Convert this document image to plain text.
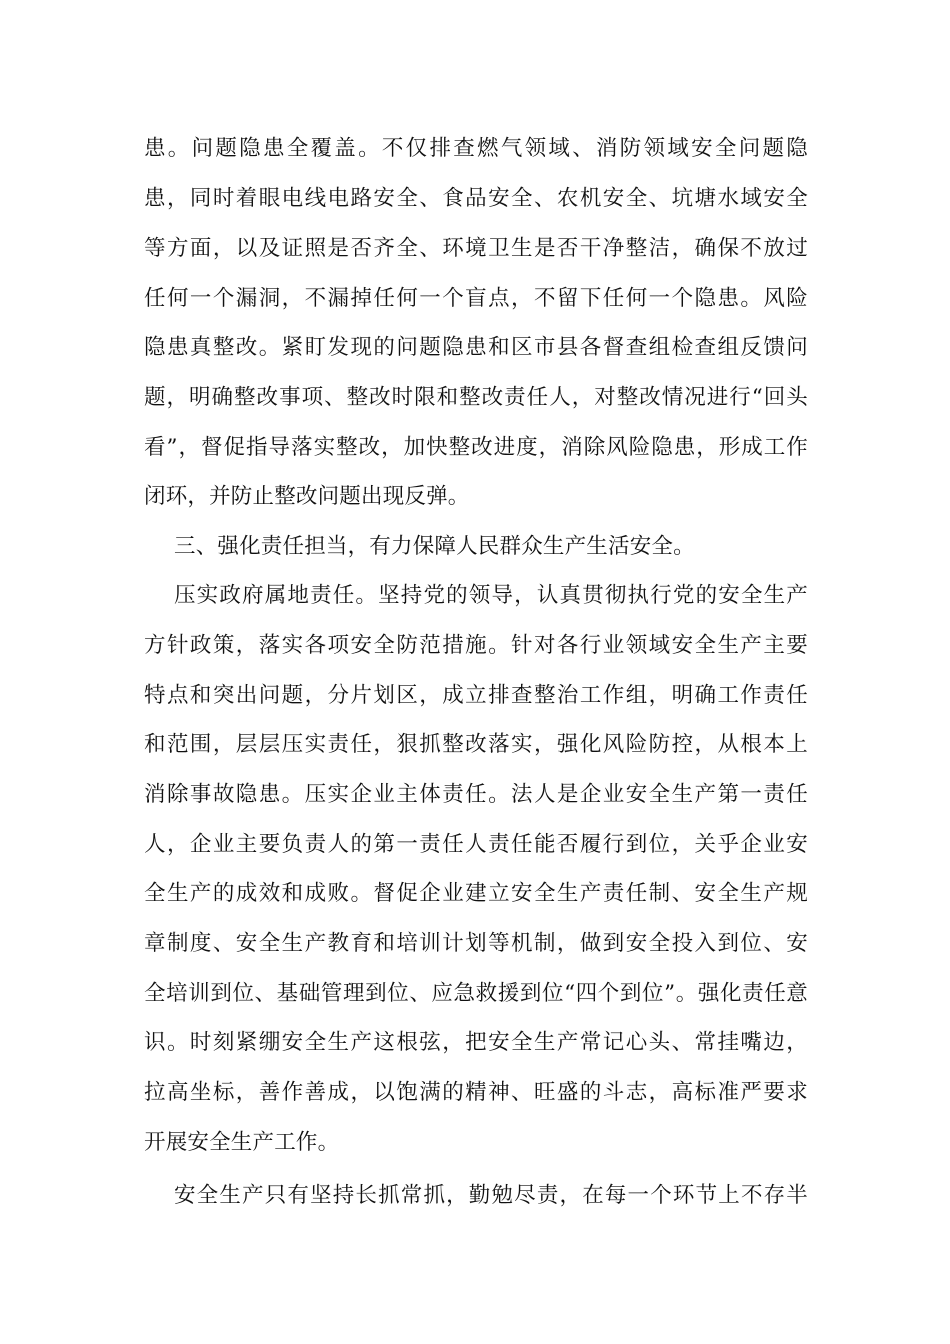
患。问题隐患全覆盖。不仅排查燃气领域、消防领域安全问题隐
患，同时着眼电线电路安全、食品安全、农机安全、坑塘水域安全
等方面，以及证照是否齐全、环境卫生是否干净整洁，确保不放过
任何一个漏洞，不漏掉任何一个盲点，不留下任何一个隐患。风险
隐患真整改。紧盯发现的问题隐患和区市县各督查组检查组反馈问
题，明确整改事项、整改时限和整改责任人，对整改情况进行“回头
看”，督促指导落实整改，加快整改进度，消除风险隐患，形成工作
闭环，并防止整改问题出现反弹。
三、强化责任担当，有力保障人民群众生产生活安全。
压实政府属地责任。坚持党的领导，认真贯彻执行党的安全生产
方针政策，落实各项安全防范措施。针对各行业领域安全生产主要
特点和突出问题，分片划区，成立排查整治工作组，明确工作责任
和范围，层层压实责任，狠抓整改落实，强化风险防控，从根本上
消除事故隐患。压实企业主体责任。法人是企业安全生产第一责任
人，企业主要负责人的第一责任人责任能否履行到位，关乎企业安
全生产的成效和成败。督促企业建立安全生产责任制、安全生产规
章制度、安全生产教育和培训计划等机制，做到安全投入到位、安
全培训到位、基础管理到位、应急救援到位“四个到位”。强化责任意
识。时刻紧绷安全生产这根弦，把安全生产常记心头、常挂嘴边，
拉高坐标，善作善成，以饱满的精神、旺盛的斗志，高标准严要求
开展安全生产工作。
安全生产只有坚持长抓常抓，勤勉尽责，在每一个环节上不存半
